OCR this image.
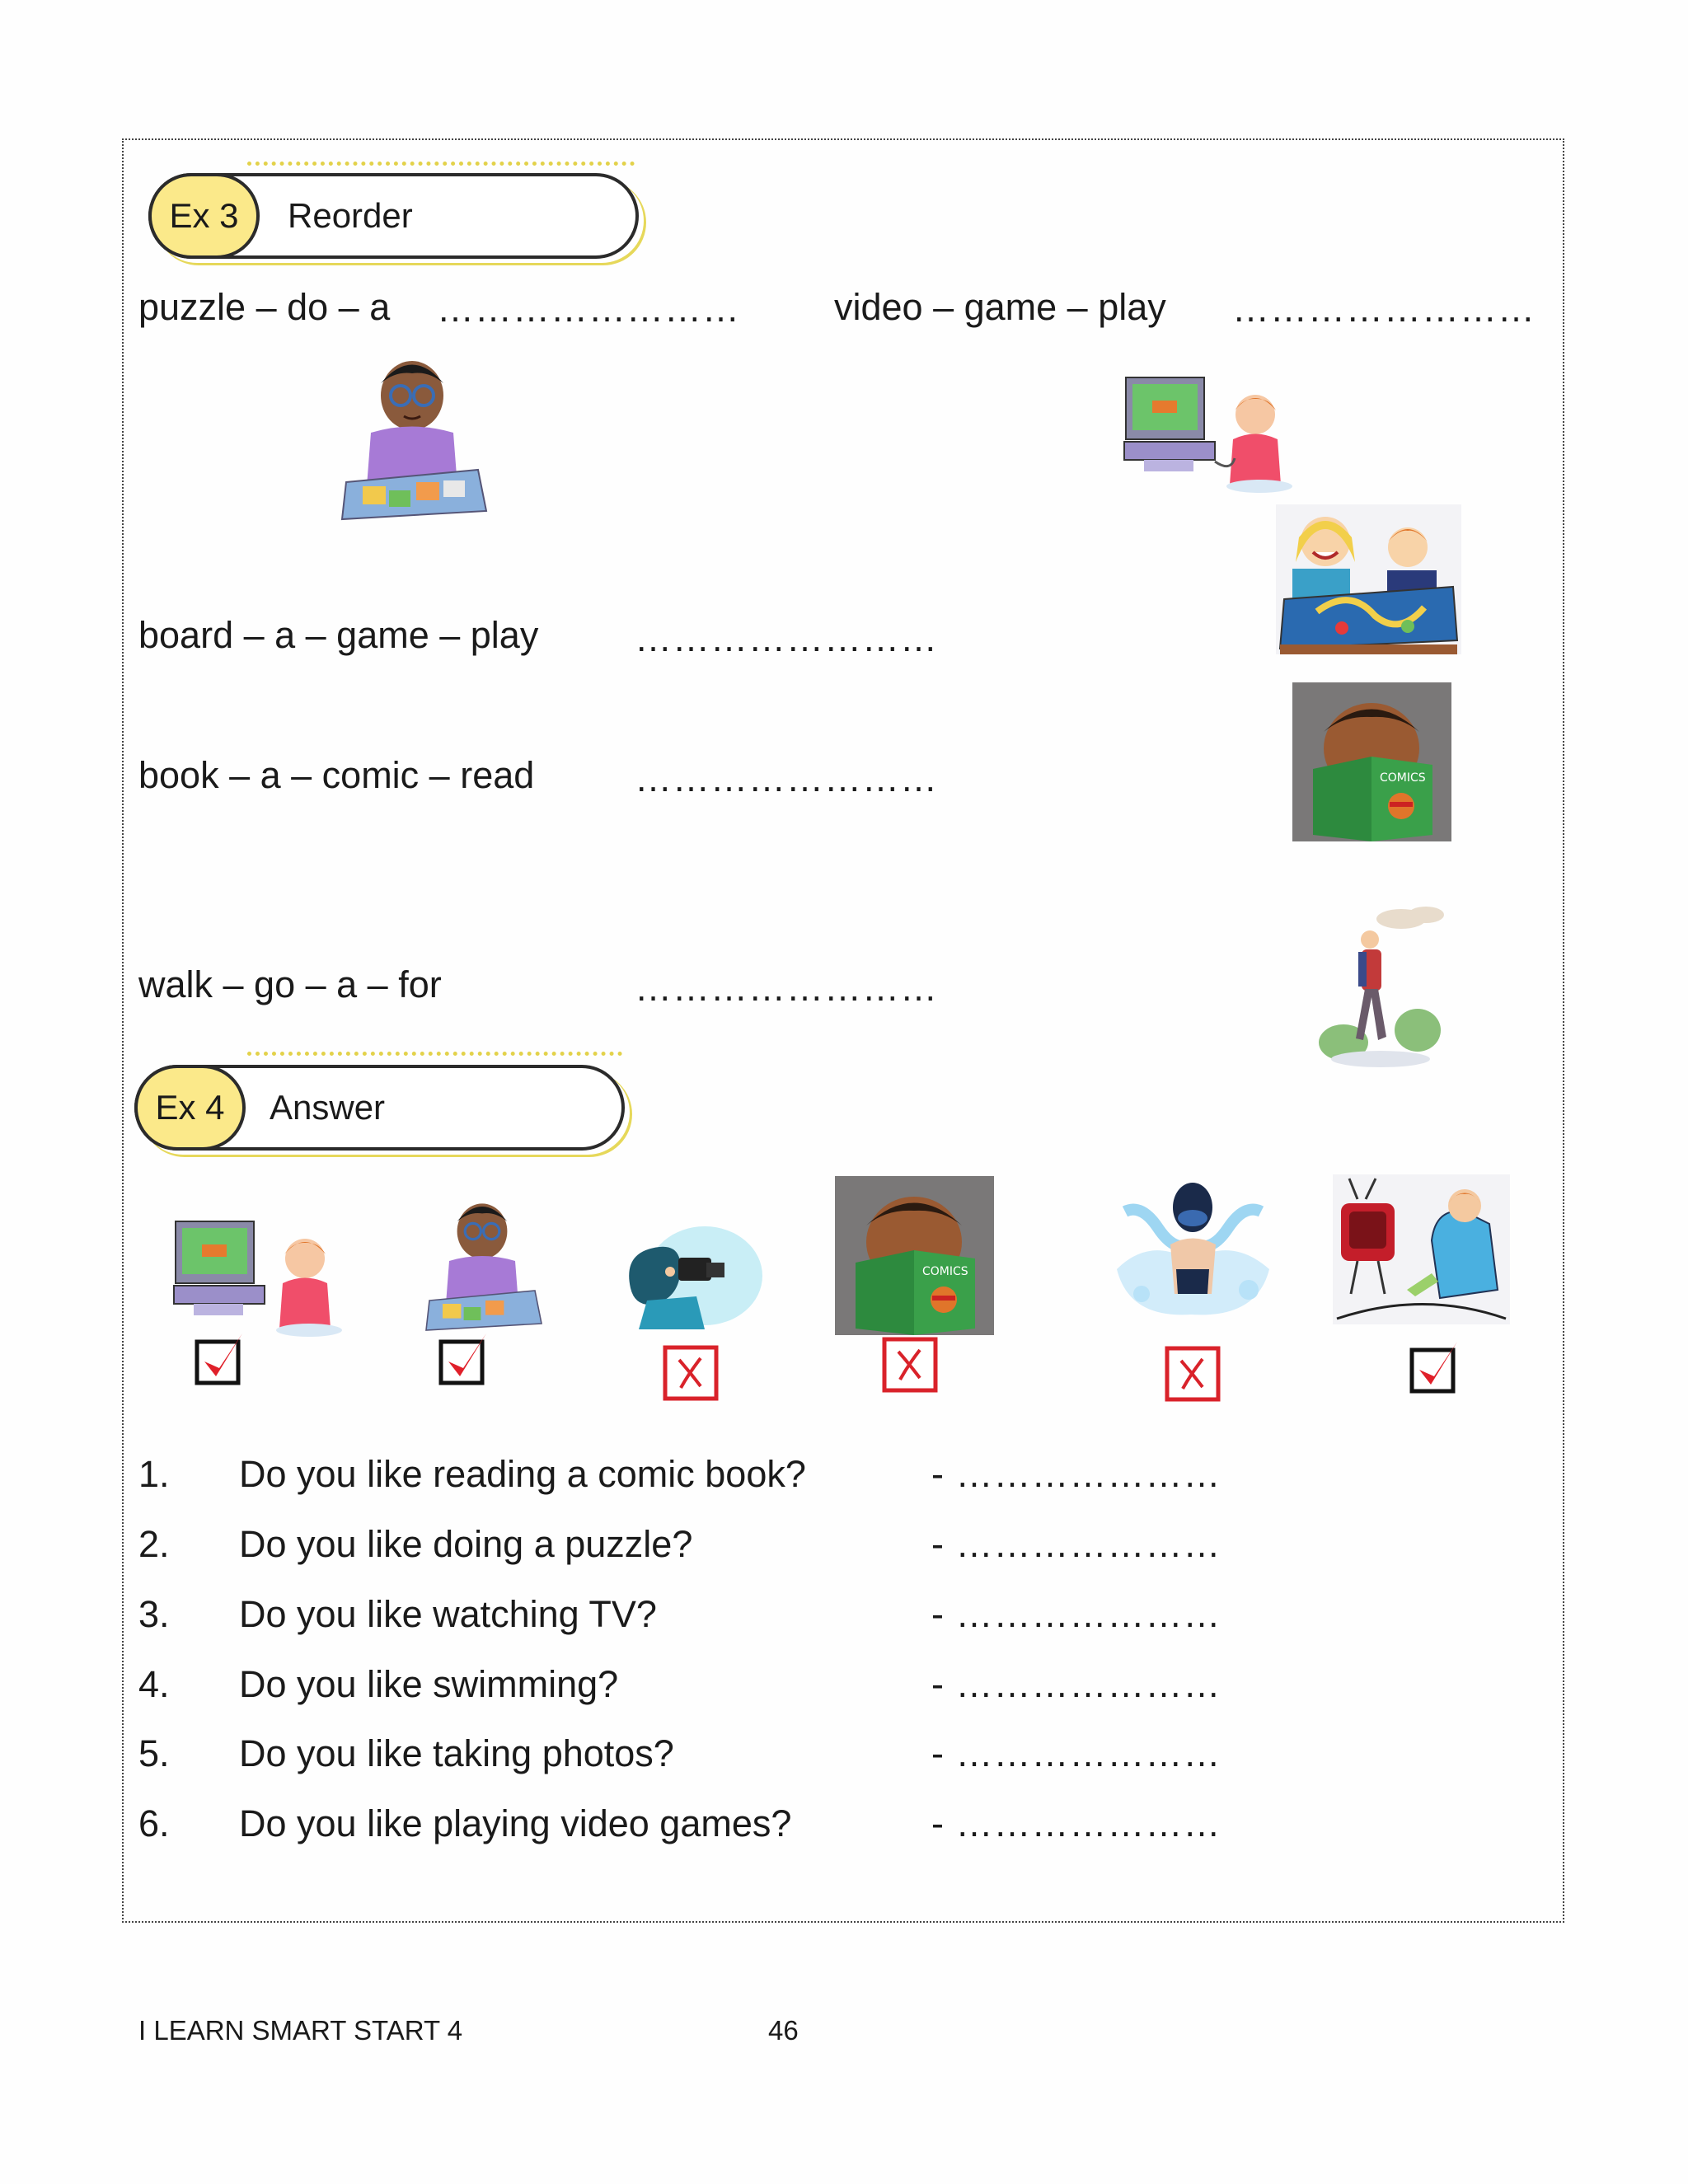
Ex 3	Reorder
puzzle – do – a ……………………	video – game – play ……………………
board – a – game – play	……………………
book – a – comic – read	……………………
walk – go – a – for	……………………
COMICS
Ex 4	Answer
COMICS
1. Do you like reading a comic book?	- …………………
2. Do you like doing a puzzle?	- …………………
3. Do you like watching TV?	- …………………
4. Do you like swimming?	- …………………
5. Do you like taking photos?	- …………………
6. Do you like playing video games?	- …………………
I LEARN SMART START 4	46
